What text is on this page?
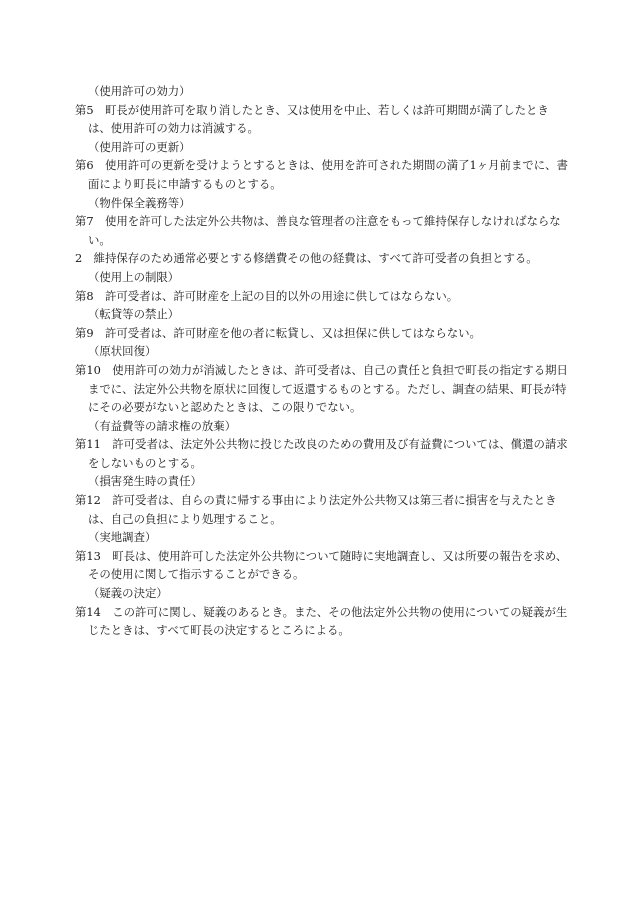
（使用許可の効力）
第5　町長が使用許可を取り消したとき、又は使用を中止、若しくは許可期間が満了したときは、使用許可の効力は消滅する。
（使用許可の更新）
第6　使用許可の更新を受けようとするときは、使用を許可された期間の満了1ヶ月前までに、書面により町長に申請するものとする。
（物件保全義務等）
第7　使用を許可した法定外公共物は、善良な管理者の注意をもって維持保存しなければならない。
2　維持保存のため通常必要とする修繕費その他の経費は、すべて許可受者の負担とする。
（使用上の制限）
第8　許可受者は、許可財産を上記の目的以外の用途に供してはならない。
（転貸等の禁止）
第9　許可受者は、許可財産を他の者に転貸し、又は担保に供してはならない。
（原状回復）
第10　使用許可の効力が消滅したときは、許可受者は、自己の責任と負担で町長の指定する期日までに、法定外公共物を原状に回復して返還するものとする。ただし、調査の結果、町長が特にその必要がないと認めたときは、この限りでない。
（有益費等の請求権の放棄）
第11　許可受者は、法定外公共物に投じた改良のための費用及び有益費については、償還の請求をしないものとする。
（損害発生時の責任）
第12　許可受者は、自らの責に帰する事由により法定外公共物又は第三者に損害を与えたときは、自己の負担により処理すること。
（実地調査）
第13　町長は、使用許可した法定外公共物について随時に実地調査し、又は所要の報告を求め、その使用に関して指示することができる。
（疑義の決定）
第14　この許可に関し、疑義のあるとき。また、その他法定外公共物の使用についての疑義が生じたときは、すべて町長の決定するところによる。
